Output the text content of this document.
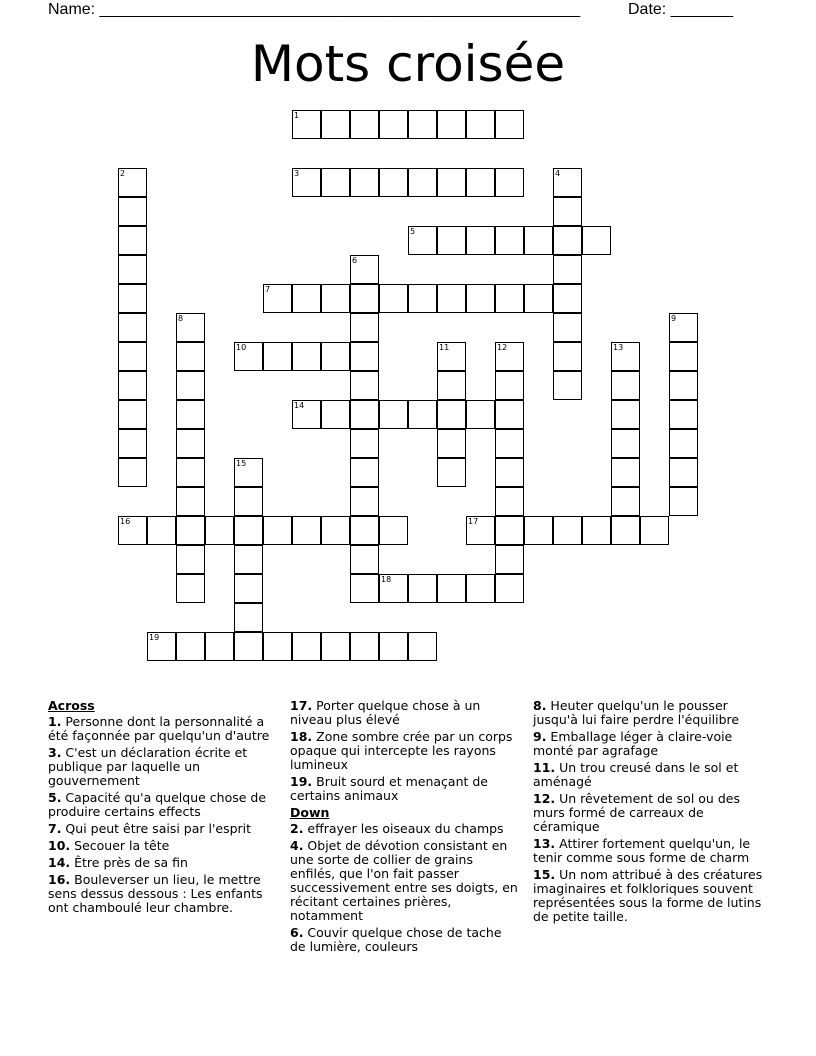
Name: ______________________________________________________	Date: _______
Mots croisée
1
2	3	4
5
6
7
8	9
10	11	12	13
14
15
16	17
18
19

Across

1. Personne dont la personnalité a été façonnée par quelqu'un d'autre

3. C'est un déclaration écrite et publique par laquelle un gouvernement

5. Capacité qu'a quelque chose de produire certains effects

7. Qui peut être saisi par l'esprit

10. Secouer la tête

14. Être près de sa fin

16. Bouleverser un lieu, le mettre sens dessus dessous : Les enfants ont chamboulé leur chambre.

17. Porter quelque chose à un niveau plus élevé

18. Zone sombre crée par un corps opaque qui intercepte les rayons lumineux

19. Bruit sourd et menaçant de certains animaux

Down

2. effrayer les oiseaux du champs

4. Objet de dévotion consistant en une sorte de collier de grains enfilés, que l'on fait passer successivement entre ses doigts, en récitant certaines prières, notamment

6. Couvir quelque chose de tache de lumière, couleurs

8. Heuter quelqu'un le pousser jusqu'à lui faire perdre l'équilibre

9. Emballage léger à claire-voie monté par agrafage

11. Un trou creusé dans le sol et aménagé

12. Un rêvetement de sol ou des murs formé de carreaux de céramique

13. Attirer fortement quelqu'un, le tenir comme sous forme de charm

15. Un nom attribué à des créatures imaginaires et folkloriques souvent représentées sous la forme de lutins de petite taille.
